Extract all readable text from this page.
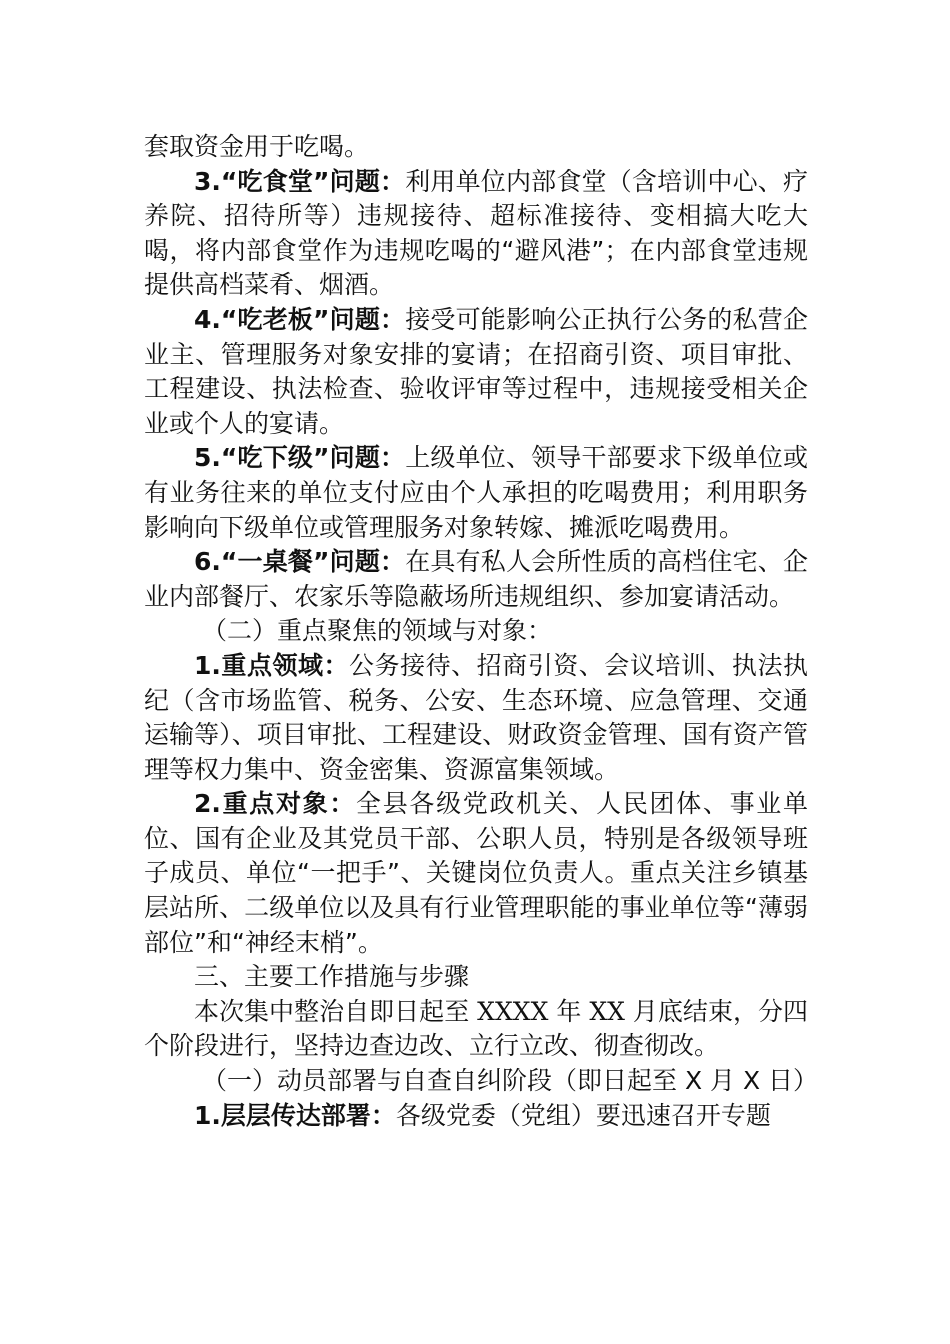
套取资金用于吃喝。

3.“吃食堂”问题：利用单位内部食堂（含培训中心、疗养院、招待所等）违规接待、超标准接待、变相搞大吃大喝，将内部食堂作为违规吃喝的“避风港”；在内部食堂违规提供高档菜肴、烟酒。

4.“吃老板”问题：接受可能影响公正执行公务的私营企业主、管理服务对象安排的宴请；在招商引资、项目审批、工程建设、执法检查、验收评审等过程中，违规接受相关企业或个人的宴请。

5.“吃下级”问题：上级单位、领导干部要求下级单位或有业务往来的单位支付应由个人承担的吃喝费用；利用职务影响向下级单位或管理服务对象转嫁、摊派吃喝费用。

6.“一桌餐”问题：在具有私人会所性质的高档住宅、企业内部餐厅、农家乐等隐蔽场所违规组织、参加宴请活动。

（二）重点聚焦的领域与对象：

1.重点领域：公务接待、招商引资、会议培训、执法执纪（含市场监管、税务、公安、生态环境、应急管理、交通运输等）、项目审批、工程建设、财政资金管理、国有资产管理等权力集中、资金密集、资源富集领域。

2.重点对象：全县各级党政机关、人民团体、事业单位、国有企业及其党员干部、公职人员，特别是各级领导班子成员、单位“一把手”、关键岗位负责人。重点关注乡镇基层站所、二级单位以及具有行业管理职能的事业单位等“薄弱部位”和“神经末梢”。

三、主要工作措施与步骤

本次集中整治自即日起至 XXXX 年 XX 月底结束，分四个阶段进行，坚持边查边改、立行立改、彻查彻改。

（一）动员部署与自查自纠阶段（即日起至 X 月 X 日）

1.层层传达部署：各级党委（党组）要迅速召开专题
